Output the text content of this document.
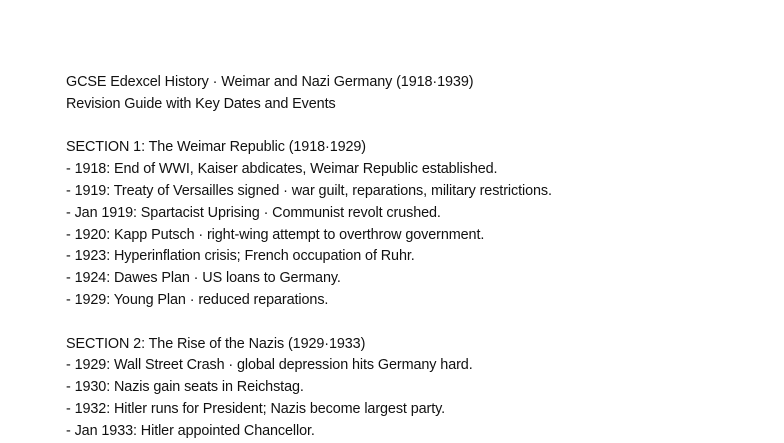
GCSE Edexcel History · Weimar and Nazi Germany (1918·1939)
Revision Guide with Key Dates and Events
SECTION 1: The Weimar Republic (1918·1929)
- 1918: End of WWI, Kaiser abdicates, Weimar Republic established.
- 1919: Treaty of Versailles signed · war guilt, reparations, military restrictions.
- Jan 1919: Spartacist Uprising · Communist revolt crushed.
- 1920: Kapp Putsch · right-wing attempt to overthrow government.
- 1923: Hyperinflation crisis; French occupation of Ruhr.
- 1924: Dawes Plan · US loans to Germany.
- 1929: Young Plan · reduced reparations.
SECTION 2: The Rise of the Nazis (1929·1933)
- 1929: Wall Street Crash · global depression hits Germany hard.
- 1930: Nazis gain seats in Reichstag.
- 1932: Hitler runs for President; Nazis become largest party.
- Jan 1933: Hitler appointed Chancellor.
